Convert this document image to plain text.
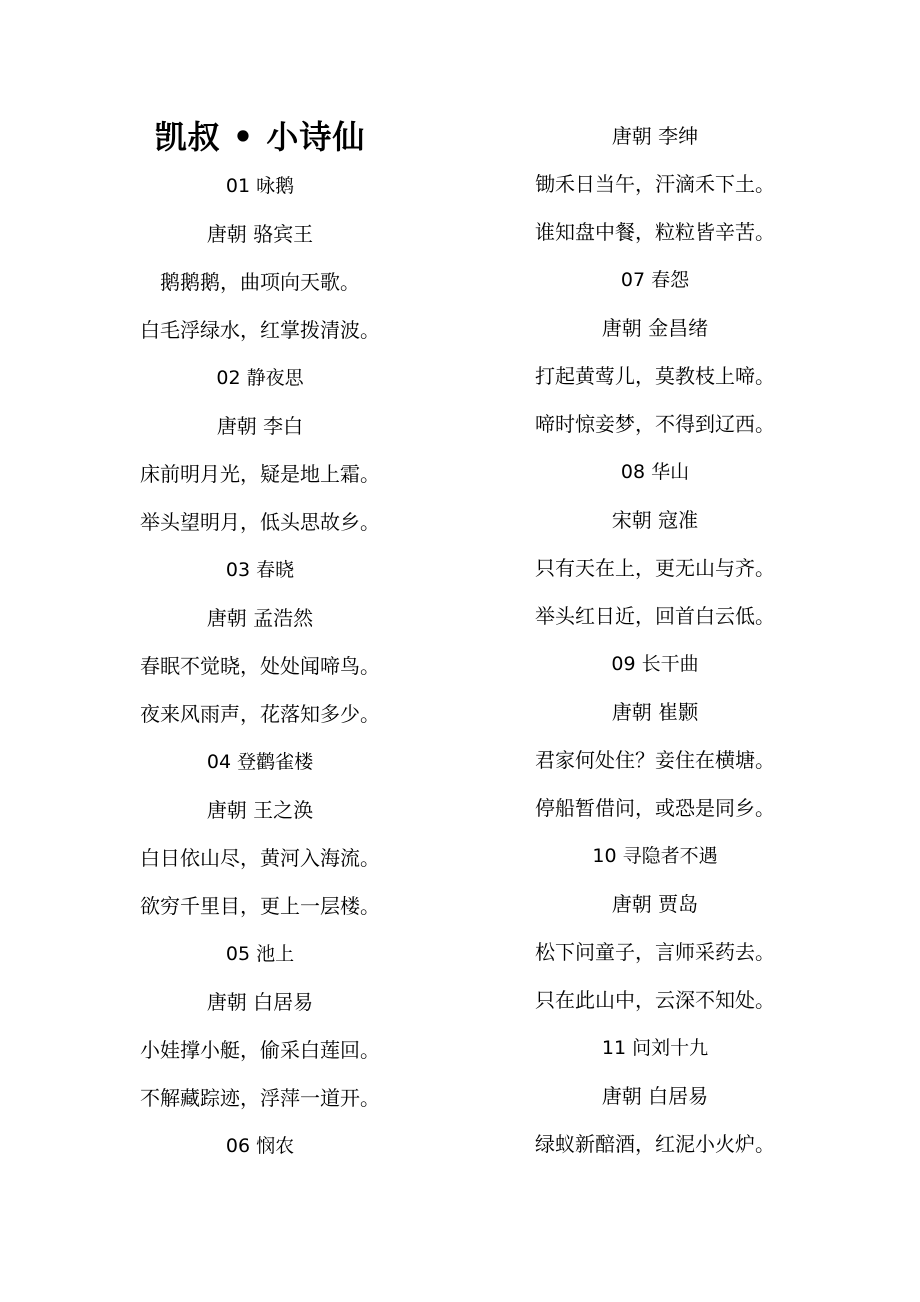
凯叔 • 小诗仙
01 咏鹅
唐朝 骆宾王
鹅鹅鹅，曲项向天歌。
白毛浮绿水，红掌拨清波。
02 静夜思
唐朝 李白
床前明月光，疑是地上霜。
举头望明月，低头思故乡。
03 春晓
唐朝 孟浩然
春眠不觉晓，处处闻啼鸟。
夜来风雨声，花落知多少。
04 登鹳雀楼
唐朝 王之涣
白日依山尽，黄河入海流。
欲穷千里目，更上一层楼。
05 池上
唐朝 白居易
小娃撑小艇，偷采白莲回。
不解藏踪迹，浮萍一道开。
06 悯农
唐朝 李绅
锄禾日当午，汗滴禾下土。
谁知盘中餐，粒粒皆辛苦。
07 春怨
唐朝 金昌绪
打起黄莺儿，莫教枝上啼。
啼时惊妾梦，不得到辽西。
08 华山
宋朝 寇准
只有天在上，更无山与齐。
举头红日近，回首白云低。
09 长干曲
唐朝 崔颢
君家何处住？妾住在横塘。
停船暂借问，或恐是同乡。
10 寻隐者不遇
唐朝 贾岛
松下问童子，言师采药去。
只在此山中，云深不知处。
11 问刘十九
唐朝 白居易
绿蚁新醅酒，红泥小火炉。
